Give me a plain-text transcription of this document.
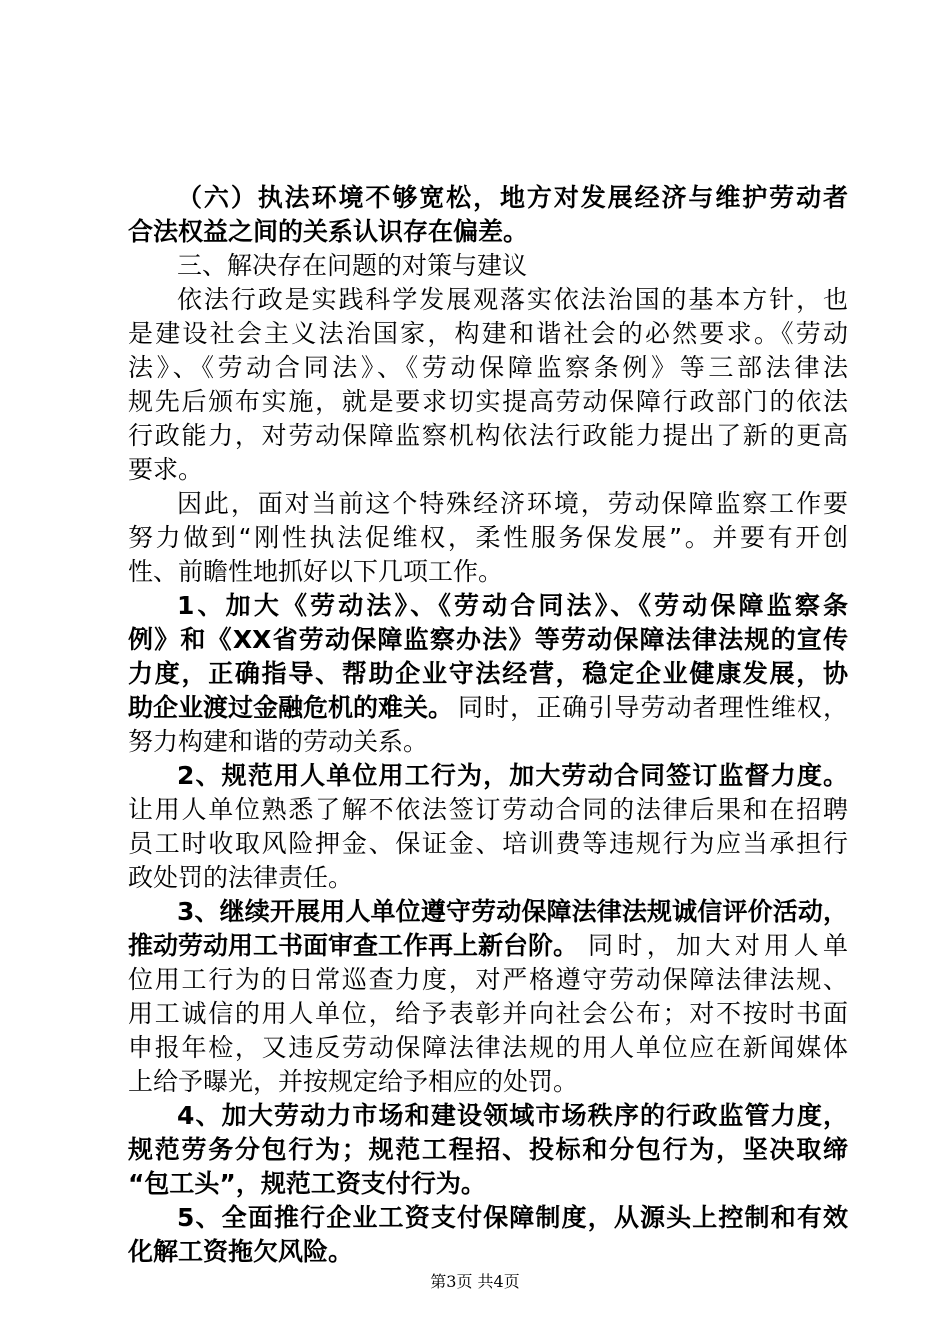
（六）执法环境不够宽松，地方对发展经济与维护劳动者
合法权益之间的关系认识存在偏差。
三、解决存在问题的对策与建议
依法行政是实践科学发展观落实依法治国的基本方针，也
是建设社会主义法治国家，构建和谐社会的必然要求。《劳动
法》、《劳动合同法》、《劳动保障监察条例》等三部法律法
规先后颁布实施，就是要求切实提高劳动保障行政部门的依法
行政能力，对劳动保障监察机构依法行政能力提出了新的更高
要求。
因此，面对当前这个特殊经济环境，劳动保障监察工作要
努力做到“刚性执法促维权，柔性服务保发展”。并要有开创
性、前瞻性地抓好以下几项工作。
1、加大《劳动法》、《劳动合同法》、《劳动保障监察条
例》和《XX省劳动保障监察办法》等劳动保障法律法规的宣传
力度，正确指导、帮助企业守法经营，稳定企业健康发展，协
助企业渡过金融危机的难关。 同时，正确引导劳动者理性维权，
努力构建和谐的劳动关系。
2、规范用人单位用工行为，加大劳动合同签订监督力度。
让用人单位熟悉了解不依法签订劳动合同的法律后果和在招聘
员工时收取风险押金、保证金、培训费等违规行为应当承担行
政处罚的法律责任。
3、继续开展用人单位遵守劳动保障法律法规诚信评价活动，
推动劳动用工书面审查工作再上新台阶。 同时，加大对用人单
位用工行为的日常巡查力度，对严格遵守劳动保障法律法规、
用工诚信的用人单位，给予表彰并向社会公布；对不按时书面
申报年检，又违反劳动保障法律法规的用人单位应在新闻媒体
上给予曝光，并按规定给予相应的处罚。
4、加大劳动力市场和建设领域市场秩序的行政监管力度，
规范劳务分包行为；规范工程招、投标和分包行为，坚决取缔
“包工头”，规范工资支付行为。
5、全面推行企业工资支付保障制度，从源头上控制和有效
化解工资拖欠风险。
第3页 共4页
